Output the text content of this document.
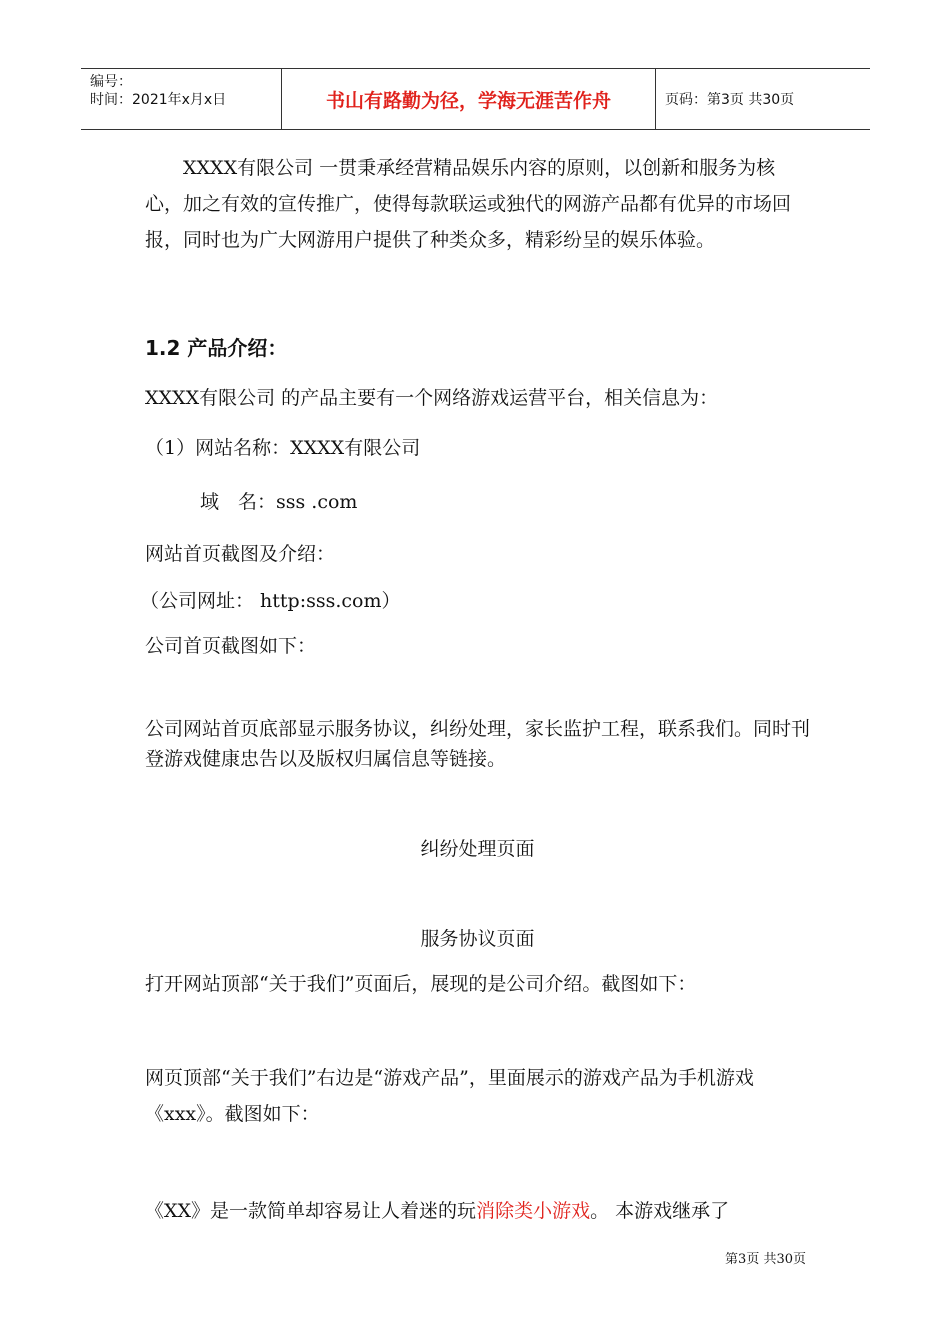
编号：
时间：2021年x月x日	书山有路勤为径，学海无涯苦作舟	页码：第3页 共30页
XXXX有限公司 一贯秉承经营精品娱乐内容的原则，以创新和服务为核心，加之有效的宣传推广，使得每款联运或独代的网游产品都有优异的市场回报，同时也为广大网游用户提供了种类众多，精彩纷呈的娱乐体验。
1.2 产品介绍：
XXXX有限公司 的产品主要有一个网络游戏运营平台，相关信息为：
（1）网站名称：XXXX有限公司
域　名：sss .com
网站首页截图及介绍：
（公司网址： http:sss.com）
公司首页截图如下：
公司网站首页底部显示服务协议，纠纷处理，家长监护工程，联系我们。同时刊登游戏健康忠告以及版权归属信息等链接。
纠纷处理页面
服务协议页面
打开网站顶部“关于我们”页面后，展现的是公司介绍。截图如下：
网页顶部“关于我们”右边是“游戏产品”，里面展示的游戏产品为手机游戏《xxx》。截图如下：
《XX》是一款简单却容易让人着迷的玩消除类小游戏。 本游戏继承了
第3页 共30页
